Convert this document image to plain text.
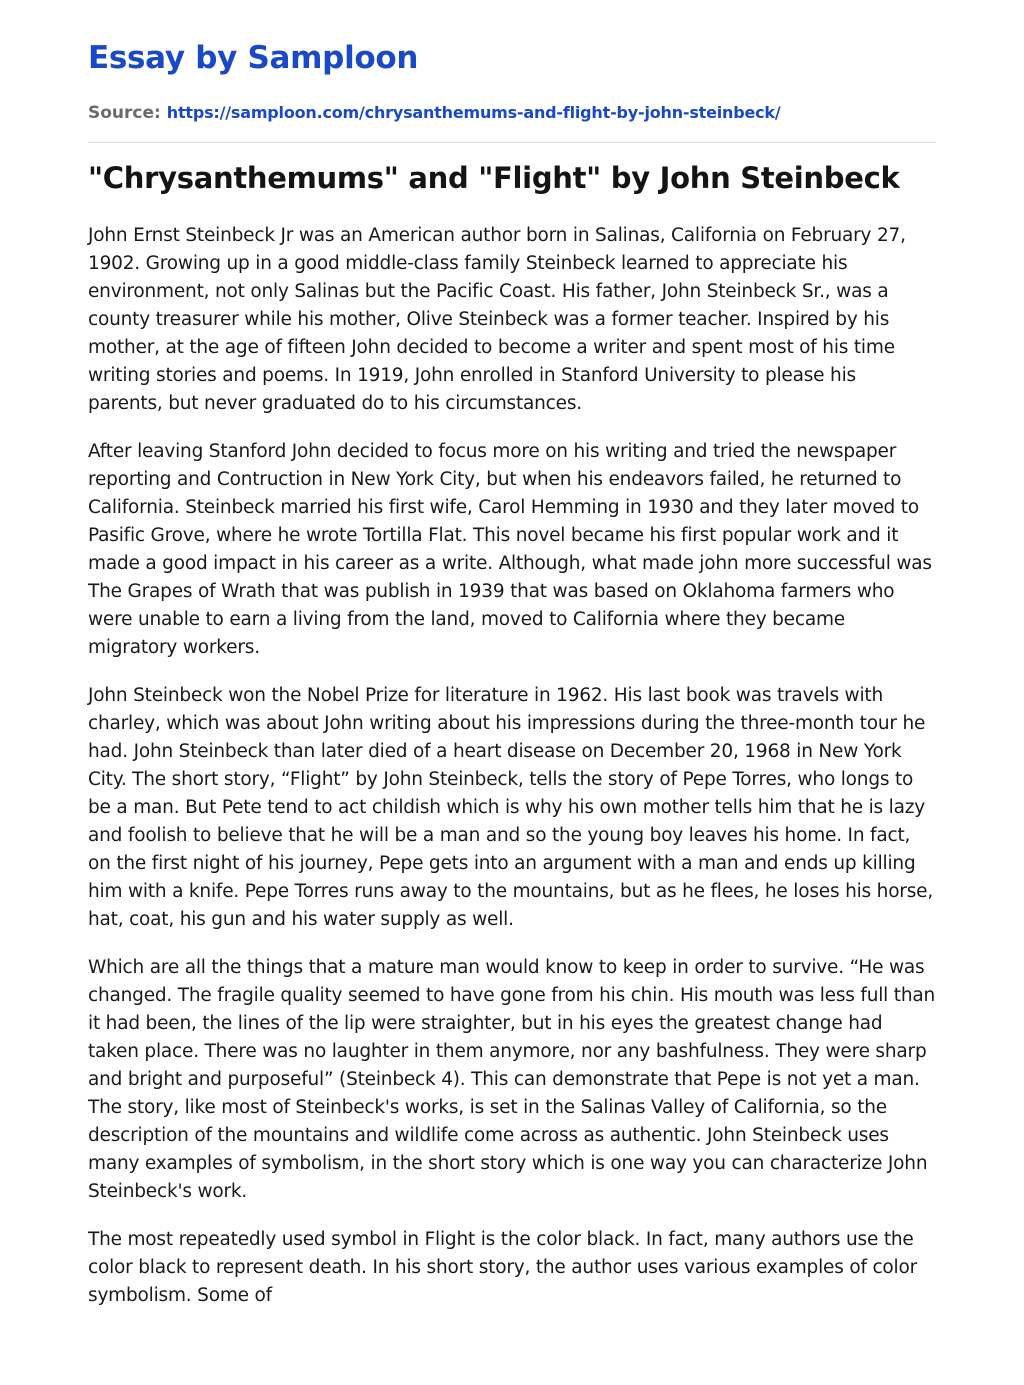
Essay by Samploon
Source: https://samploon.com/chrysanthemums-and-flight-by-john-steinbeck/
"Chrysanthemums" and "Flight" by John Steinbeck

John Ernst Steinbeck Jr was an American author born in Salinas, California on February 27, 1902. Growing up in a good middle-class family Steinbeck learned to appreciate his environment, not only Salinas but the Pacific Coast. His father, John Steinbeck Sr., was a county treasurer while his mother, Olive Steinbeck was a former teacher. Inspired by his mother, at the age of fifteen John decided to become a writer and spent most of his time writing stories and poems. In 1919, John enrolled in Stanford University to please his parents, but never graduated do to his circumstances.

After leaving Stanford John decided to focus more on his writing and tried the newspaper reporting and Contruction in New York City, but when his endeavors failed, he returned to California. Steinbeck married his first wife, Carol Hemming in 1930 and they later moved to Pasific Grove, where he wrote Tortilla Flat. This novel became his first popular work and it made a good impact in his career as a write. Although, what made john more successful was The Grapes of Wrath that was publish in 1939 that was based on Oklahoma farmers who were unable to earn a living from the land, moved to California where they became migratory workers.

John Steinbeck won the Nobel Prize for literature in 1962. His last book was travels with charley, which was about John writing about his impressions during the three-month tour he had. John Steinbeck than later died of a heart disease on December 20, 1968 in New York City. The short story, “Flight” by John Steinbeck, tells the story of Pepe Torres, who longs to be a man. But Pete tend to act childish which is why his own mother tells him that he is lazy and foolish to believe that he will be a man and so the young boy leaves his home. In fact, on the first night of his journey, Pepe gets into an argument with a man and ends up killing him with a knife. Pepe Torres runs away to the mountains, but as he flees, he loses his horse, hat, coat, his gun and his water supply as well.

Which are all the things that a mature man would know to keep in order to survive. “He was changed. The fragile quality seemed to have gone from his chin. His mouth was less full than it had been, the lines of the lip were straighter, but in his eyes the greatest change had taken place. There was no laughter in them anymore, nor any bashfulness. They were sharp and bright and purposeful” (Steinbeck 4). This can demonstrate that Pepe is not yet a man. The story, like most of Steinbeck's works, is set in the Salinas Valley of California, so the description of the mountains and wildlife come across as authentic. John Steinbeck uses many examples of symbolism, in the short story which is one way you can characterize John Steinbeck's work.

The most repeatedly used symbol in Flight is the color black. In fact, many authors use the color black to represent death. In his short story, the author uses various examples of color symbolism. Some of
